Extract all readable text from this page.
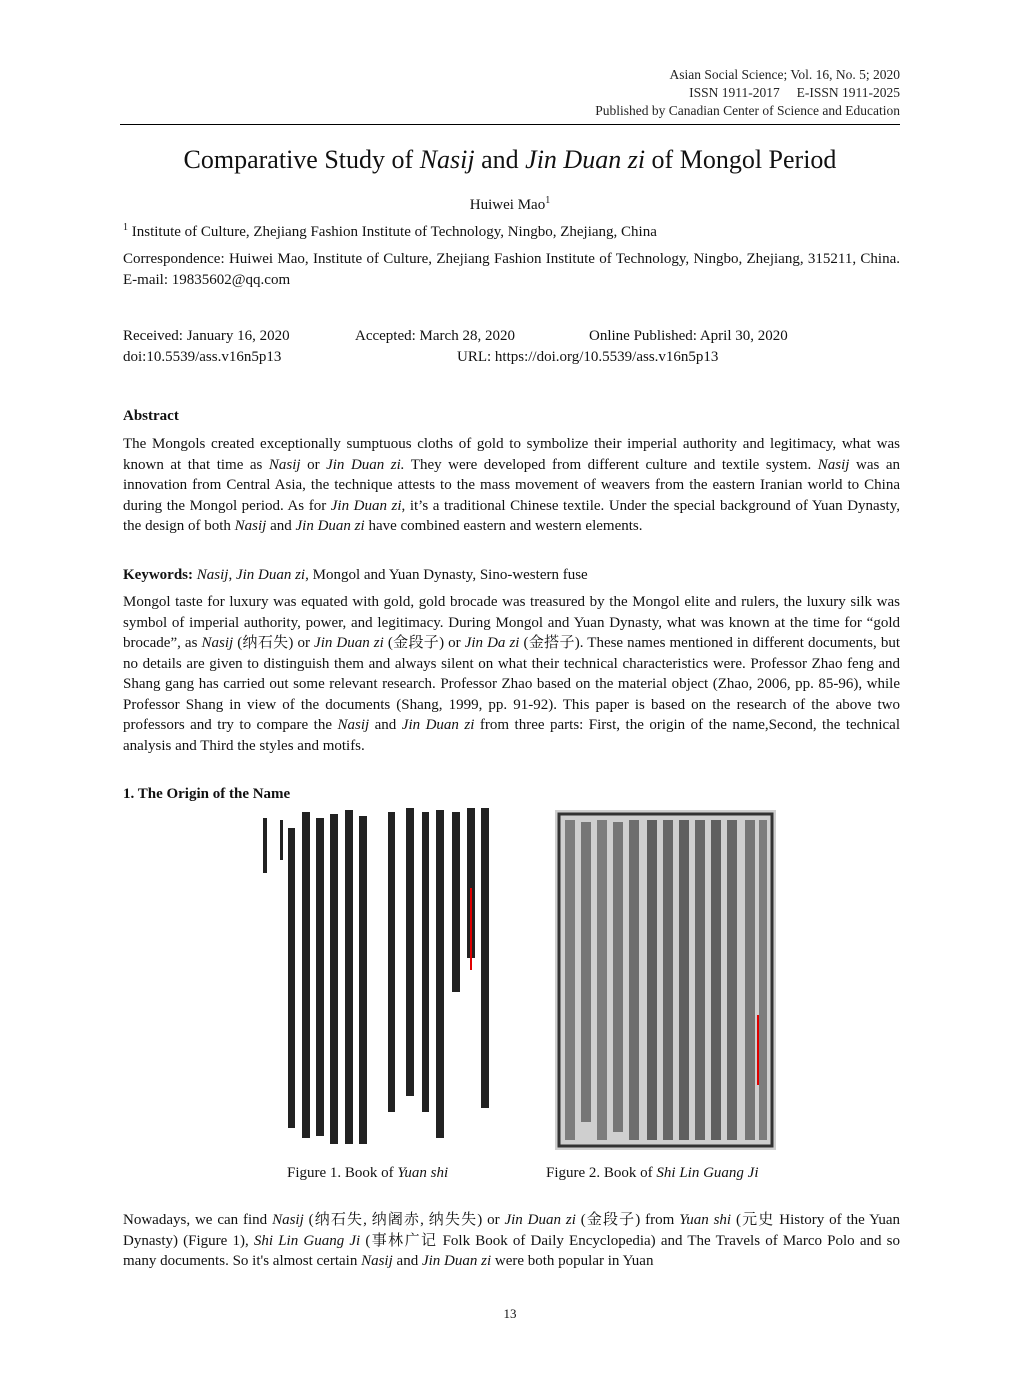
Asian Social Science; Vol. 16, No. 5; 2020
ISSN 1911-2017     E-ISSN 1911-2025
Published by Canadian Center of Science and Education
Comparative Study of Nasij and Jin Duan zi of Mongol Period
Huiwei Mao$^1$
$^1$ Institute of Culture, Zhejiang Fashion Institute of Technology, Ningbo, Zhejiang, China
Correspondence: Huiwei Mao, Institute of Culture, Zhejiang Fashion Institute of Technology, Ningbo, Zhejiang, 315211, China. E-mail: 19835602@qq.com
Received: January 16, 2020	Accepted: March 28, 2020	Online Published: April 30, 2020
doi:10.5539/ass.v16n5p13	URL: https://doi.org/10.5539/ass.v16n5p13
Abstract
The Mongols created exceptionally sumptuous cloths of gold to symbolize their imperial authority and legitimacy, what was known at that time as Nasij or Jin Duan zi. They were developed from different culture and textile system. Nasij was an innovation from Central Asia, the technique attests to the mass movement of weavers from the eastern Iranian world to China during the Mongol period. As for Jin Duan zi, it’s a traditional Chinese textile. Under the special background of Yuan Dynasty, the design of both Nasij and Jin Duan zi have combined eastern and western elements.
Keywords: Nasij, Jin Duan zi, Mongol and Yuan Dynasty, Sino-western fuse
Mongol taste for luxury was equated with gold, gold brocade was treasured by the Mongol elite and rulers, the luxury silk was symbol of imperial authority, power, and legitimacy. During Mongol and Yuan Dynasty, what was known at the time for “gold brocade”, as Nasij (纳石失) or Jin Duan zi (金段子) or Jin Da zi (金搭子). These names mentioned in different documents, but no details are given to distinguish them and always silent on what their technical characteristics were. Professor Zhao feng and Shang gang has carried out some relevant research. Professor Zhao based on the material object (Zhao, 2006, pp. 85-96), while Professor Shang in view of the documents (Shang, 1999, pp. 91-92). This paper is based on the research of the above two professors and try to compare the Nasij and Jin Duan zi from three parts: First, the origin of the name,Second, the technical analysis and Third the styles and motifs.
1. The Origin of the Name
Figure 1. Book of Yuan shi	Figure 2. Book of Shi Lin Guang Ji
Nowadays, we can find Nasij (纳石失, 纳阇赤, 纳失失) or Jin Duan zi (金段子) from Yuan shi (元史 History of the Yuan Dynasty) (Figure 1), Shi Lin Guang Ji (事林广记 Folk Book of Daily Encyclopedia) and The Travels of Marco Polo and so many documents. So it's almost certain Nasij and Jin Duan zi were both popular in Yuan
13
